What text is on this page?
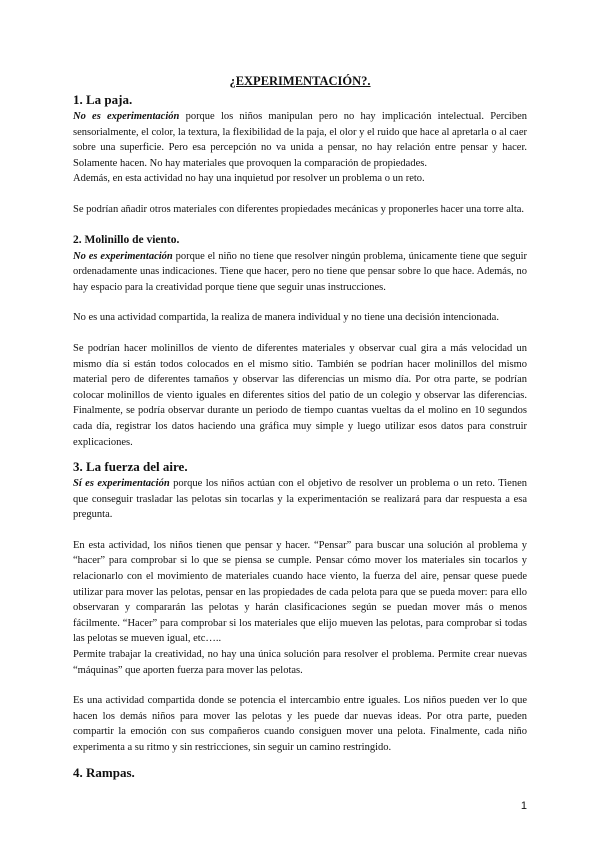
¿EXPERIMENTACIÓN?.
1. La paja.

No es experimentación porque los niños manipulan pero no hay implicación intelectual. Perciben sensorialmente, el color, la textura, la flexibilidad de la paja, el olor y el ruido que hace al apretarla o al caer sobre una superficie. Pero esa percepción no va unida a pensar, no hay relación entre pensar y hacer. Solamente hacen. No hay materiales que provoquen la comparación de propiedades.

Además, en esta actividad no hay una inquietud por resolver un problema o un reto.

Se podrían añadir otros materiales con diferentes propiedades mecánicas y proponerles hacer una torre alta.

2. Molinillo de viento.

No es experimentación porque el niño no tiene que resolver ningún problema, únicamente tiene que seguir ordenadamente unas indicaciones. Tiene que hacer, pero no tiene que pensar sobre lo que hace. Además, no hay espacio para la creatividad porque tiene que seguir unas instrucciones.

No es una actividad compartida, la realiza de manera individual y no tiene una decisión intencionada.

Se podrían hacer molinillos de viento de diferentes materiales y observar cual gira a más velocidad un mismo día si están todos colocados en el mismo sitio. También se podrían hacer molinillos del mismo material pero de diferentes tamaños y observar las diferencias un mismo día. Por otra parte, se podrían colocar molinillos de viento iguales en diferentes sitios del patio de un colegio y observar las diferencias. Finalmente, se podría observar durante un periodo de tiempo cuantas vueltas da el molino en 10 segundos cada día, registrar los datos haciendo una gráfica muy simple y luego utilizar esos datos para construir explicaciones.

3. La fuerza del aire.

Sí es experimentación porque los niños actúan con el objetivo de resolver un problema o un reto. Tienen que conseguir trasladar las pelotas sin tocarlas y la experimentación se realizará para dar respuesta a esa pregunta.

En esta actividad, los niños tienen que pensar y hacer. “Pensar” para buscar una solución al problema y “hacer” para comprobar si lo que se piensa se cumple. Pensar cómo mover los materiales sin tocarlos y relacionarlo con el movimiento de materiales cuando hace viento, la fuerza del aire, pensar quese puede utilizar para mover las pelotas, pensar en las propiedades de cada pelota para que se pueda mover: para ello observaran y compararán las pelotas y harán clasificaciones según se puedan mover más o menos fácilmente. “Hacer” para comprobar si los materiales que elijo mueven las pelotas, para comprobar si todas las pelotas se mueven igual, etc…..

Permite trabajar la creatividad, no hay una única solución para resolver el problema. Permite crear nuevas “máquinas” que aporten fuerza para mover las pelotas.

Es una actividad compartida donde se potencia el intercambio entre iguales. Los niños pueden ver lo que hacen los demás niños para mover las pelotas y les puede dar nuevas ideas. Por otra parte, pueden compartir la emoción con sus compañeros cuando consiguen mover una pelota. Finalmente, cada niño experimenta a su ritmo y sin restricciones, sin seguir un camino restringido.

4. Rampas.
1
